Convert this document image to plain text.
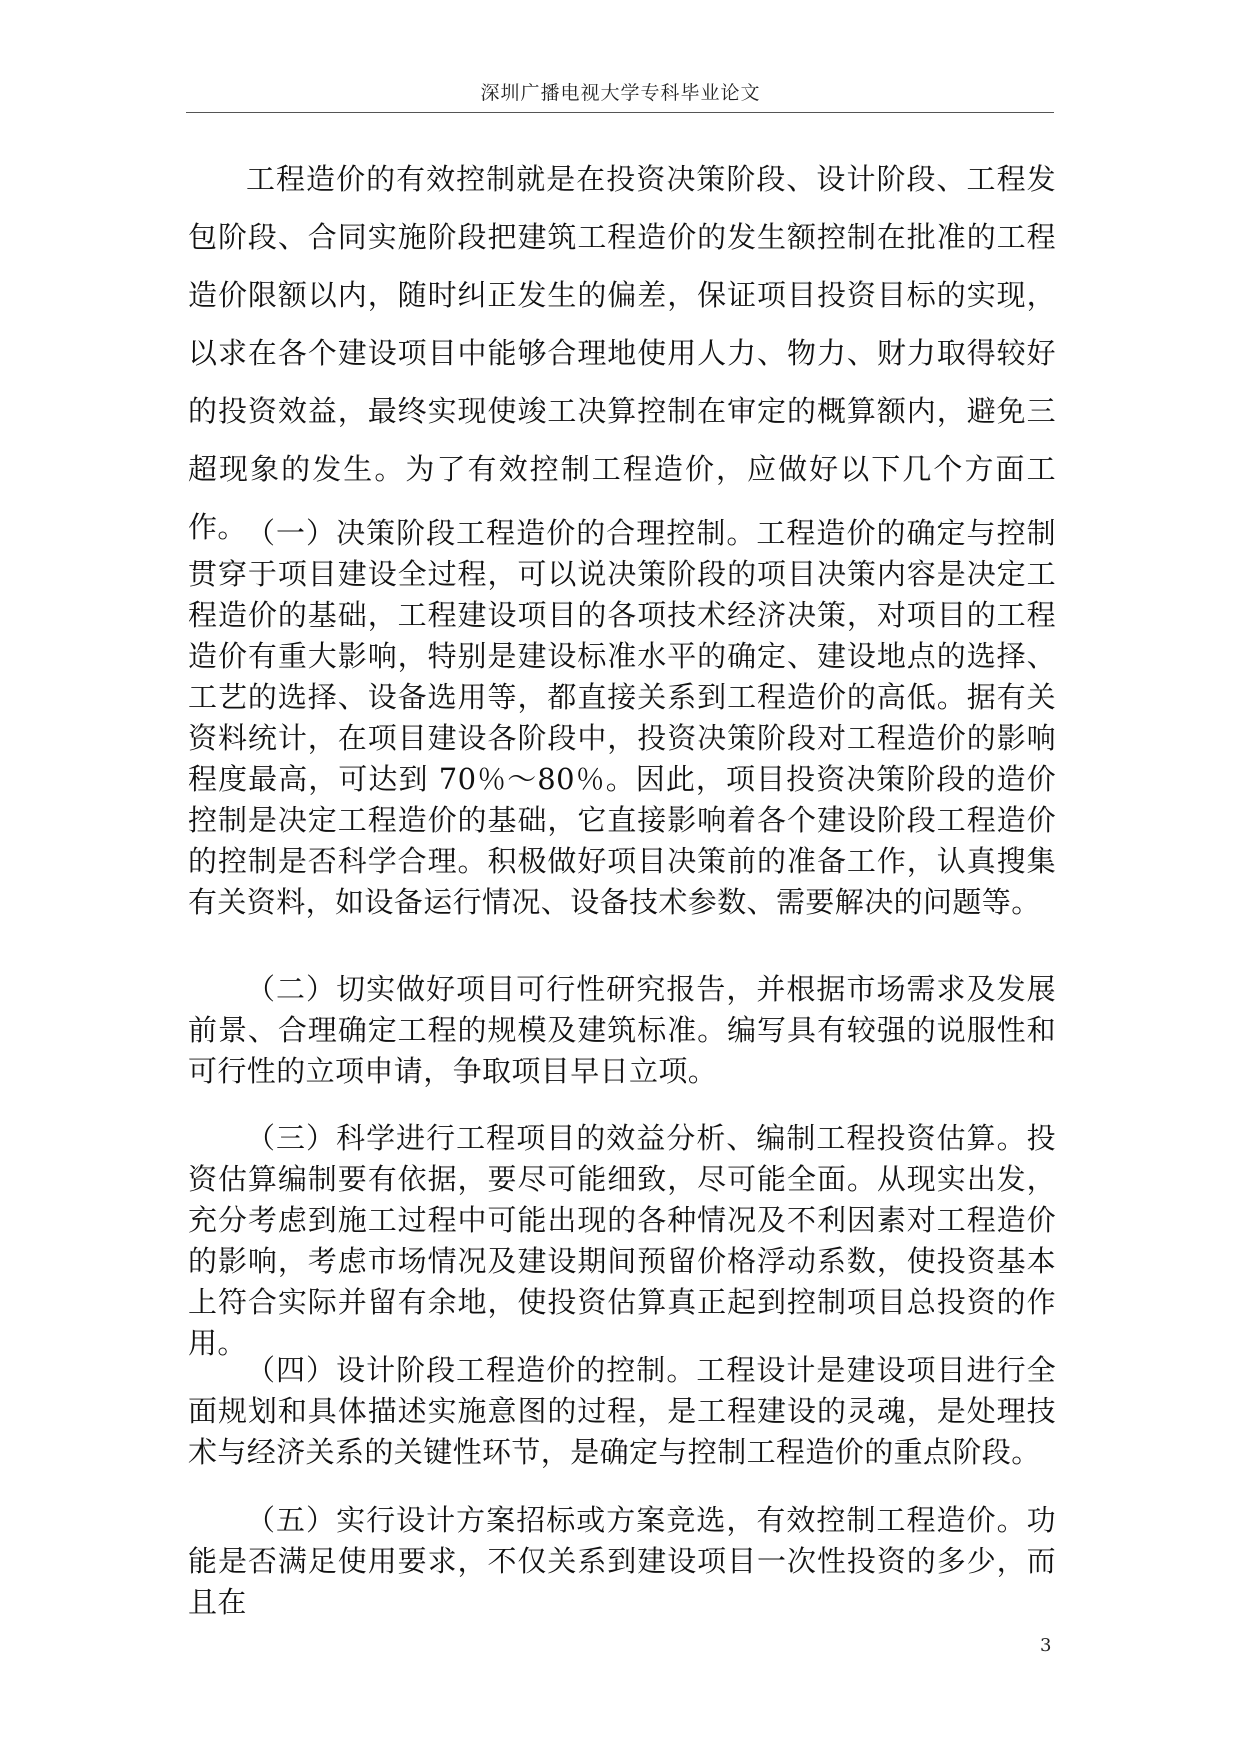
深圳广播电视大学专科毕业论文

工程造价的有效控制就是在投资决策阶段、设计阶段、工程发包阶段、合同实施阶段把建筑工程造价的发生额控制在批准的工程造价限额以内，随时纠正发生的偏差，保证项目投资目标的实现，以求在各个建设项目中能够合理地使用人力、物力、财力取得较好的投资效益，最终实现使竣工决算控制在审定的概算额内，避免三超现象的发生。为了有效控制工程造价，应做好以下几个方面工作。 （一）决策阶段工程造价的合理控制。工程造价的确定与控制贯穿于项目建设全过程，可以说决策阶段的项目决策内容是决定工程造价的基础，工程建设项目的各项技术经济决策，对项目的工程造价有重大影响，特别是建设标准水平的确定、建设地点的选择、工艺的选择、设备选用等，都直接关系到工程造价的高低。据有关资料统计，在项目建设各阶段中，投资决策阶段对工程造价的影响程度最高，可达到 70％～80％。因此，项目投资决策阶段的造价控制是决定工程造价的基础，它直接影响着各个建设阶段工程造价的控制是否科学合理。积极做好项目决策前的准备工作，认真搜集有关资料，如设备运行情况、设备技术参数、需要解决的问题等。

（二）切实做好项目可行性研究报告，并根据市场需求及发展前景、合理确定工程的规模及建筑标准。编写具有较强的说服性和可行性的立项申请，争取项目早日立项。

（三）科学进行工程项目的效益分析、编制工程投资估算。投资估算编制要有依据，要尽可能细致，尽可能全面。从现实出发，充分考虑到施工过程中可能出现的各种情况及不利因素对工程造价的影响，考虑市场情况及建设期间预留价格浮动系数，使投资基本上符合实际并留有余地，使投资估算真正起到控制项目总投资的作用。

（四）设计阶段工程造价的控制。工程设计是建设项目进行全面规划和具体描述实施意图的过程，是工程建设的灵魂，是处理技术与经济关系的关键性环节，是确定与控制工程造价的重点阶段。

（五）实行设计方案招标或方案竞选，有效控制工程造价。功能是否满足使用要求，不仅关系到建设项目一次性投资的多少，而且在

3
